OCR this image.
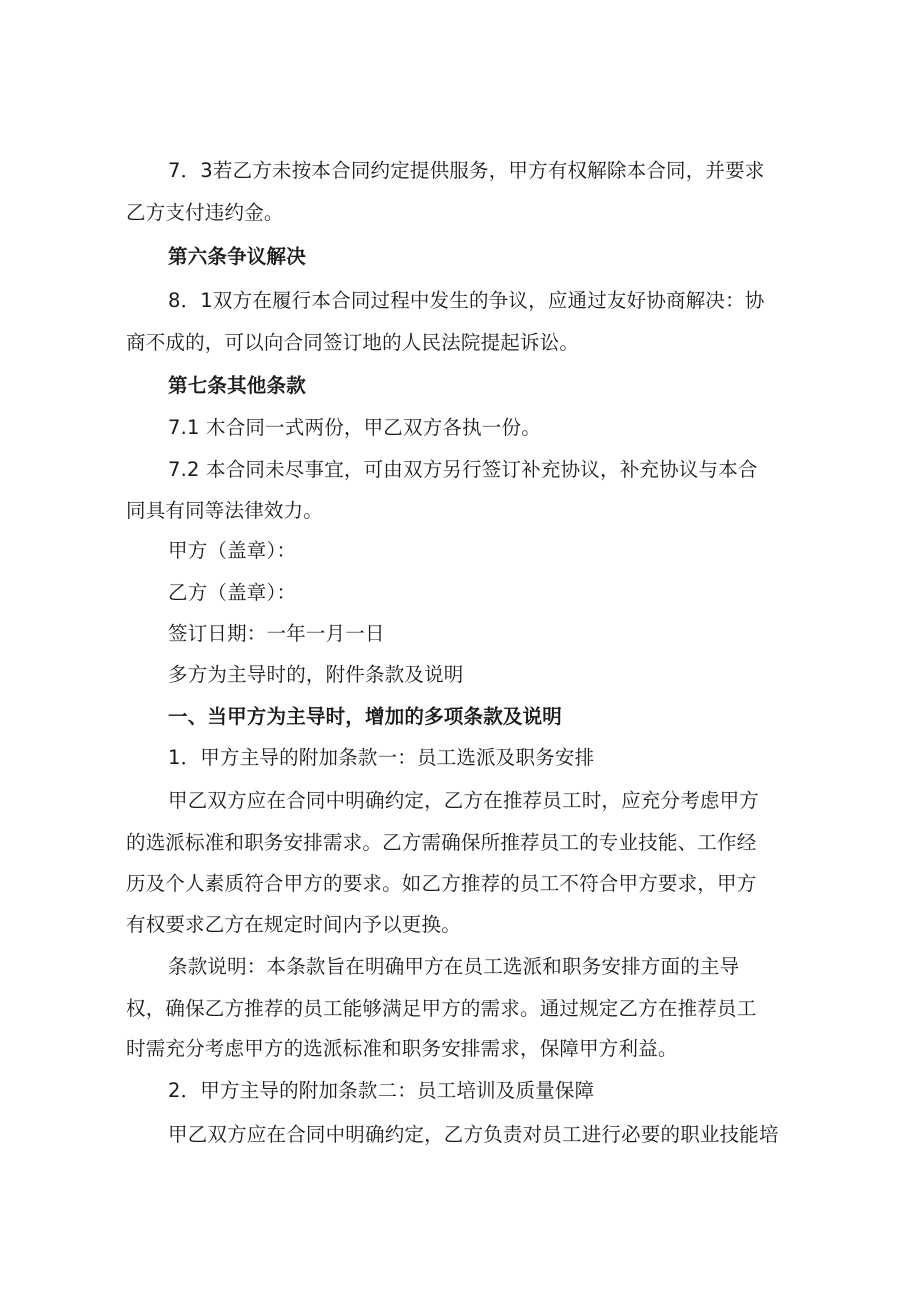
7．3若乙方未按本合同约定提供服务，甲方有权解除本合同，并要求
乙方支付违约金。
第六条争议解决
8．1双方在履行本合同过程中发生的争议，应通过友好协商解决：协
商不成的，可以向合同签订地的人民法院提起诉讼。
第七条其他条款
7.1 木合同一式两份，甲乙双方各执一份。
7.2 本合同未尽事宜，可由双方另行签订补充协议，补充协议与本合
同具有同等法律效力。
甲方（盖章）：
乙方（盖章）：
签订日期：一年一月一日
多方为主导时的，附件条款及说明
一、当甲方为主导时，增加的多项条款及说明
1．甲方主导的附加条款一：员工选派及职务安排
甲乙双方应在合同中明确约定，乙方在推荐员工时，应充分考虑甲方
的选派标准和职务安排需求。乙方需确保所推荐员工的专业技能、工作经
历及个人素质符合甲方的要求。如乙方推荐的员工不符合甲方要求，甲方
有权要求乙方在规定时间内予以更换。
条款说明：本条款旨在明确甲方在员工选派和职务安排方面的主导
权，确保乙方推荐的员工能够满足甲方的需求。通过规定乙方在推荐员工
时需充分考虑甲方的选派标准和职务安排需求，保障甲方利益。
2．甲方主导的附加条款二：员工培训及质量保障
甲乙双方应在合同中明确约定，乙方负责对员工进行必要的职业技能培
